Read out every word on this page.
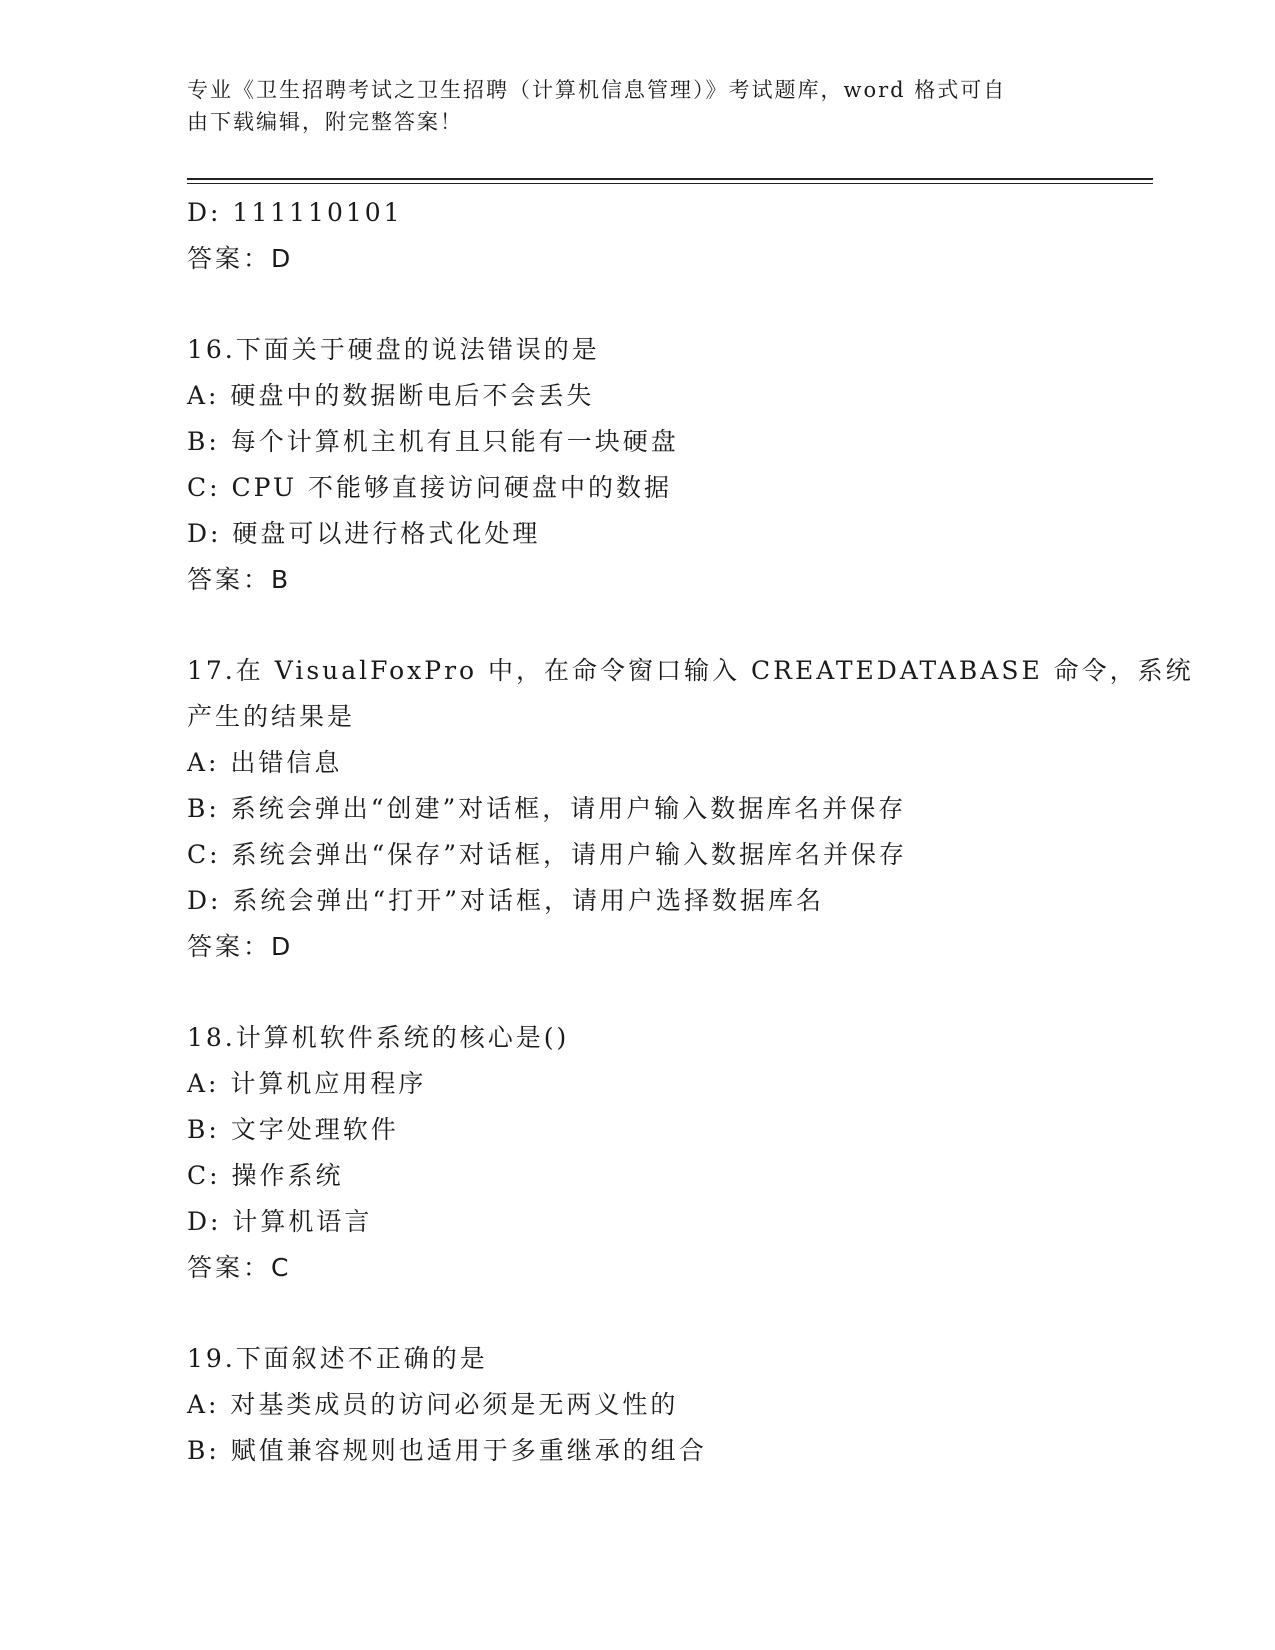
专业《卫生招聘考试之卫生招聘（计算机信息管理）》考试题库，word 格式可自
由下载编辑，附完整答案！
D: 111110101
答案：D
16.下面关于硬盘的说法错误的是
A: 硬盘中的数据断电后不会丢失
B: 每个计算机主机有且只能有一块硬盘
C: CPU 不能够直接访问硬盘中的数据
D: 硬盘可以进行格式化处理
答案：B
17.在 VisualFoxPro 中，在命令窗口输入 CREATEDATABASE 命令，系统
产生的结果是
A: 出错信息
B: 系统会弹出“创建”对话框，请用户输入数据库名并保存
C: 系统会弹出“保存”对话框，请用户输入数据库名并保存
D: 系统会弹出“打开”对话框，请用户选择数据库名
答案：D
18.计算机软件系统的核心是()
A: 计算机应用程序
B: 文字处理软件
C: 操作系统
D: 计算机语言
答案：C
19.下面叙述不正确的是
A: 对基类成员的访问必须是无两义性的
B: 赋值兼容规则也适用于多重继承的组合
